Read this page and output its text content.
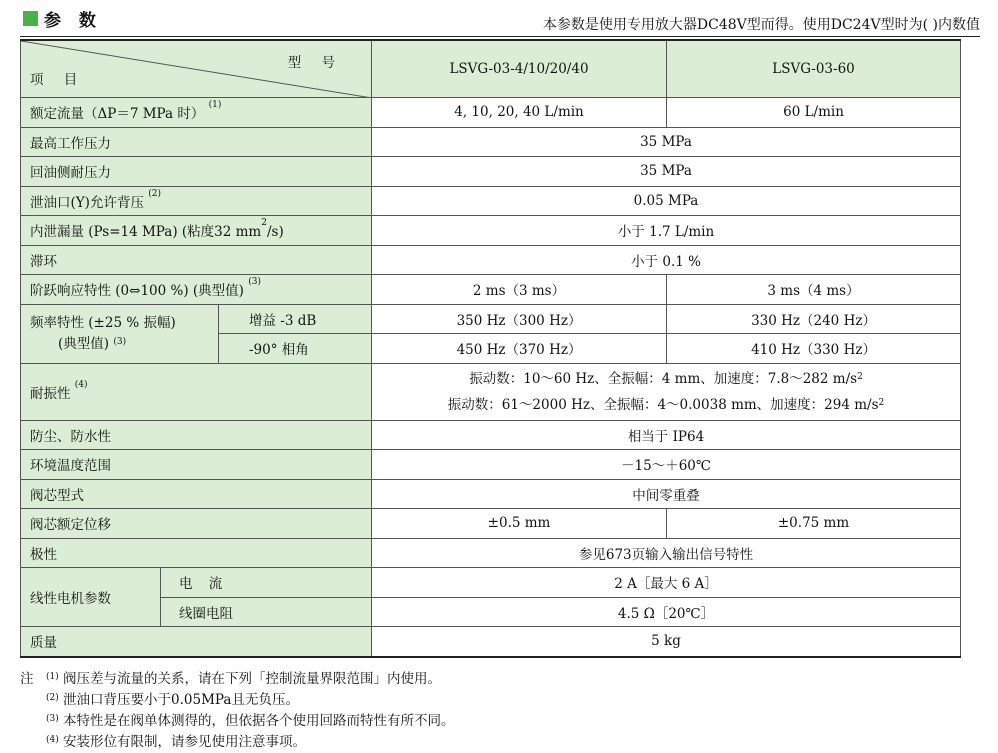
参 数	本参数是使用专用放大器DC48V型而得。使用DC24V型时为( )内数值
型 号
项 目			LSVG-03-4/10/20/40	LSVG-03-60
额定流量（ΔP＝7 MPa 时） $^{(1)}$			4, 10, 20, 40 L/min	60 L/min
最高工作压力			35 MPa	
回油侧耐压力			35 MPa	
泄油口(Y)允许背压 $^{(2)}$			0.05 MPa	
内泄漏量 (Ps=14 MPa) (粘度32 $mm^2/s$)			小于 1.7 L/min	
滞环			小于 0.1 %	
阶跃响应特性 (0⇔100 %) (典型值) $^{(3)}$			2 ms（3 ms）	3 ms（4 ms）

频率特性 (±25 % 振幅)
(典型值) $^{(3)}$		增益 -3 dB	350 Hz（300 Hz）	330 Hz（240 Hz）
		-90° 相角	450 Hz（370 Hz）	410 Hz（330 Hz）
耐振性 $^{(4)}$			振动数：10～60 Hz、全振幅：4 mm、加速度：7.8～282 $m/s^2$
振动数：61～2000 Hz、全振幅：4～0.0038 mm、加速度：294 $m/s^2$

防尘、防水性			相当于 IP64	
环境温度范围			－15～＋60℃	
阀芯型式			中间零重叠	
阀芯额定位移			±0.5 mm	±0.75 mm
极性			参见673页输入输出信号特性	
线性电机参数	电 流		2 A［最大 6 A］	
	线圈电阻		4.5 Ω［20℃］	
质量			5 kg	
注 $^{(1)}$ 阀压差与流量的关系，请在下列「控制流量界限范围」内使用。
$^{(2)}$ 泄油口背压要小于0.05MPa且无负压。
$^{(3)}$ 本特性是在阀单体测得的，但依据各个使用回路而特性有所不同。
$^{(4)}$ 安装形位有限制，请参见使用注意事项。
